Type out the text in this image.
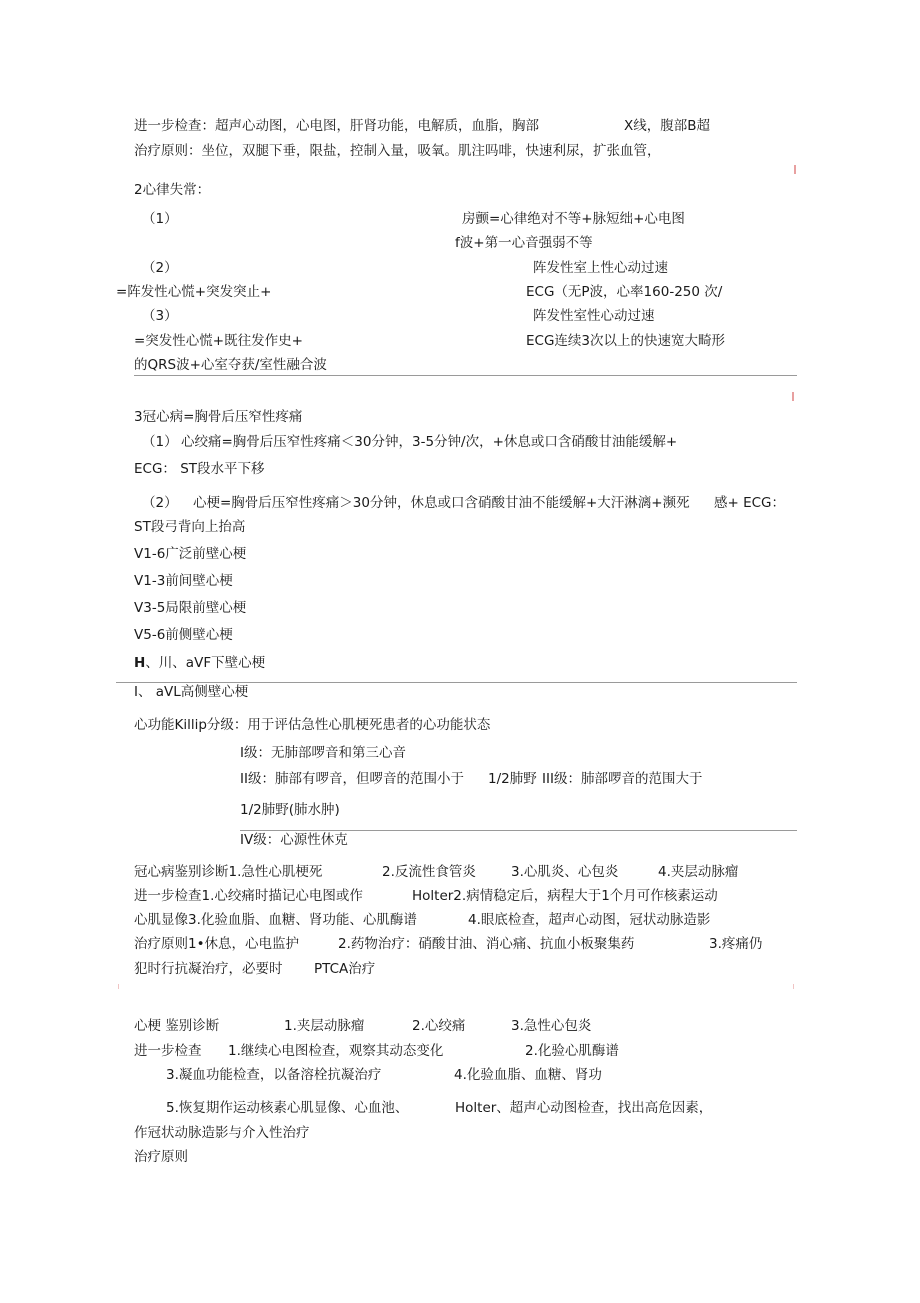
进一步检查：超声心动图，心电图，肝肾功能，电解质，血脂，胸部	X线，腹部B超
治疗原则：坐位，双腿下垂，限盐，控制入量，吸氧。肌注吗啡，快速利尿，扩张血管，
2心律失常：
（1）	房颤=心律绝对不等+脉短绌+心电图
f波+第一心音强弱不等
（2）	阵发性室上性心动过速
=阵发性心慌+突发突止+	ECG（无P波，心率160-250 次/
（3）	阵发性室性心动过速
=突发性心慌+既往发作史+	ECG连续3次以上的快速宽大畸形
的QRS波+心室夺获/室性融合波
3冠心病=胸骨后压窄性疼痛
（1） 心绞痛=胸骨后压窄性疼痛＜30分钟，3-5分钟/次，+休息或口含硝酸甘油能缓解+
ECG： ST段水平下移
（2） 心梗=胸骨后压窄性疼痛＞30分钟，休息或口含硝酸甘油不能缓解+大汗淋漓+濒死 感+ ECG：
ST段弓背向上抬高
V1-6广泛前壁心梗
V1-3前间壁心梗
V3-5局限前壁心梗
V5-6前侧壁心梗
H、川、aVF下壁心梗
I、 aVL高侧壁心梗
心功能Killip分级：用于评估急性心肌梗死患者的心功能状态
I级：无肺部啰音和第三心音
II级：肺部有啰音，但啰音的范围小于 1/2肺野 III级：肺部啰音的范围大于
1/2肺野(肺水肿)
IV级：心源性休克
冠心病鉴别诊断1.急性心肌梗死	2.反流性食管炎	3.心肌炎、心包炎	4.夹层动脉瘤
进一步检查1.心绞痛时描记心电图或作	Holter2.病情稳定后，病程大于1个月可作核素运动
心肌显像3.化验血脂、血糖、肾功能、心肌酶谱	4.眼底检查，超声心动图，冠状动脉造影
治疗原则1•休息，心电监护	2.药物治疗：硝酸甘油、消心痛、抗血小板聚集药	3.疼痛仍
犯时行抗凝治疗，必要时 PTCA治疗
心梗 鉴别诊断	1.夹层动脉瘤	2.心绞痛	3.急性心包炎
进一步检查 1.继续心电图检查，观察其动态变化	2.化验心肌酶谱
3.凝血功能检查，以备溶栓抗凝治疗	4.化验血脂、血糖、肾功
5.恢复期作运动核素心肌显像、心血池、	Holter、超声心动图检查，找出高危因素，
作冠状动脉造影与介入性治疗
治疗原则
